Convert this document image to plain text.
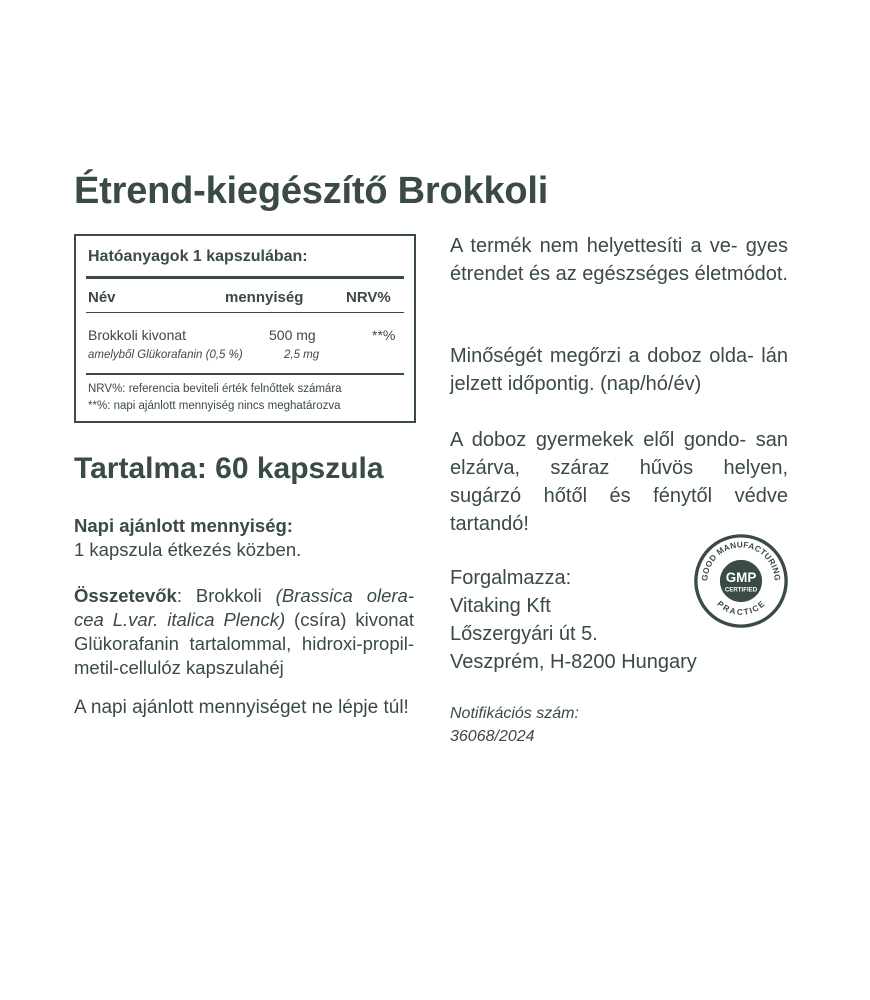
Étrend-kiegészítő Brokkoli
Hatóanyagok 1 kapszulában:
Név	mennyiség	NRV%
Brokkoli kivonat	500 mg	**%
amelyből Glükorafanin (0,5 %)	2,5 mg
NRV%: referencia beviteli érték felnőttek számára
**%: napi ajánlott mennyiség nincs meghatározva
Tartalma: 60 kapszula
Napi ajánlott mennyiség:
1 kapszula étkezés közben.
Összetevők: Brokkoli (Brassica olera- cea L.var. italica Plenck) (csíra) kivonat Glükorafanin tartalommal, hidroxi-propil- metil-cellulóz kapszulahéj
A napi ajánlott mennyiséget ne lépje túl!
A termék nem helyettesíti a ve- gyes étrendet és az egészséges életmódot.
Minőségét megőrzi a doboz olda- lán jelzett időpontig. (nap/hó/év)
A doboz gyermekek elől gondo- san elzárva, száraz hűvös helyen, sugárzó hőtől és fénytől védve tartandó!
Forgalmazza:
Vitaking Kft
Lőszergyári út 5.
Veszprém, H-8200 Hungary
Notifikációs szám:
36068/2024
GOOD MANUFACTURING
PRACTICE
GMP
CERTIFIED
